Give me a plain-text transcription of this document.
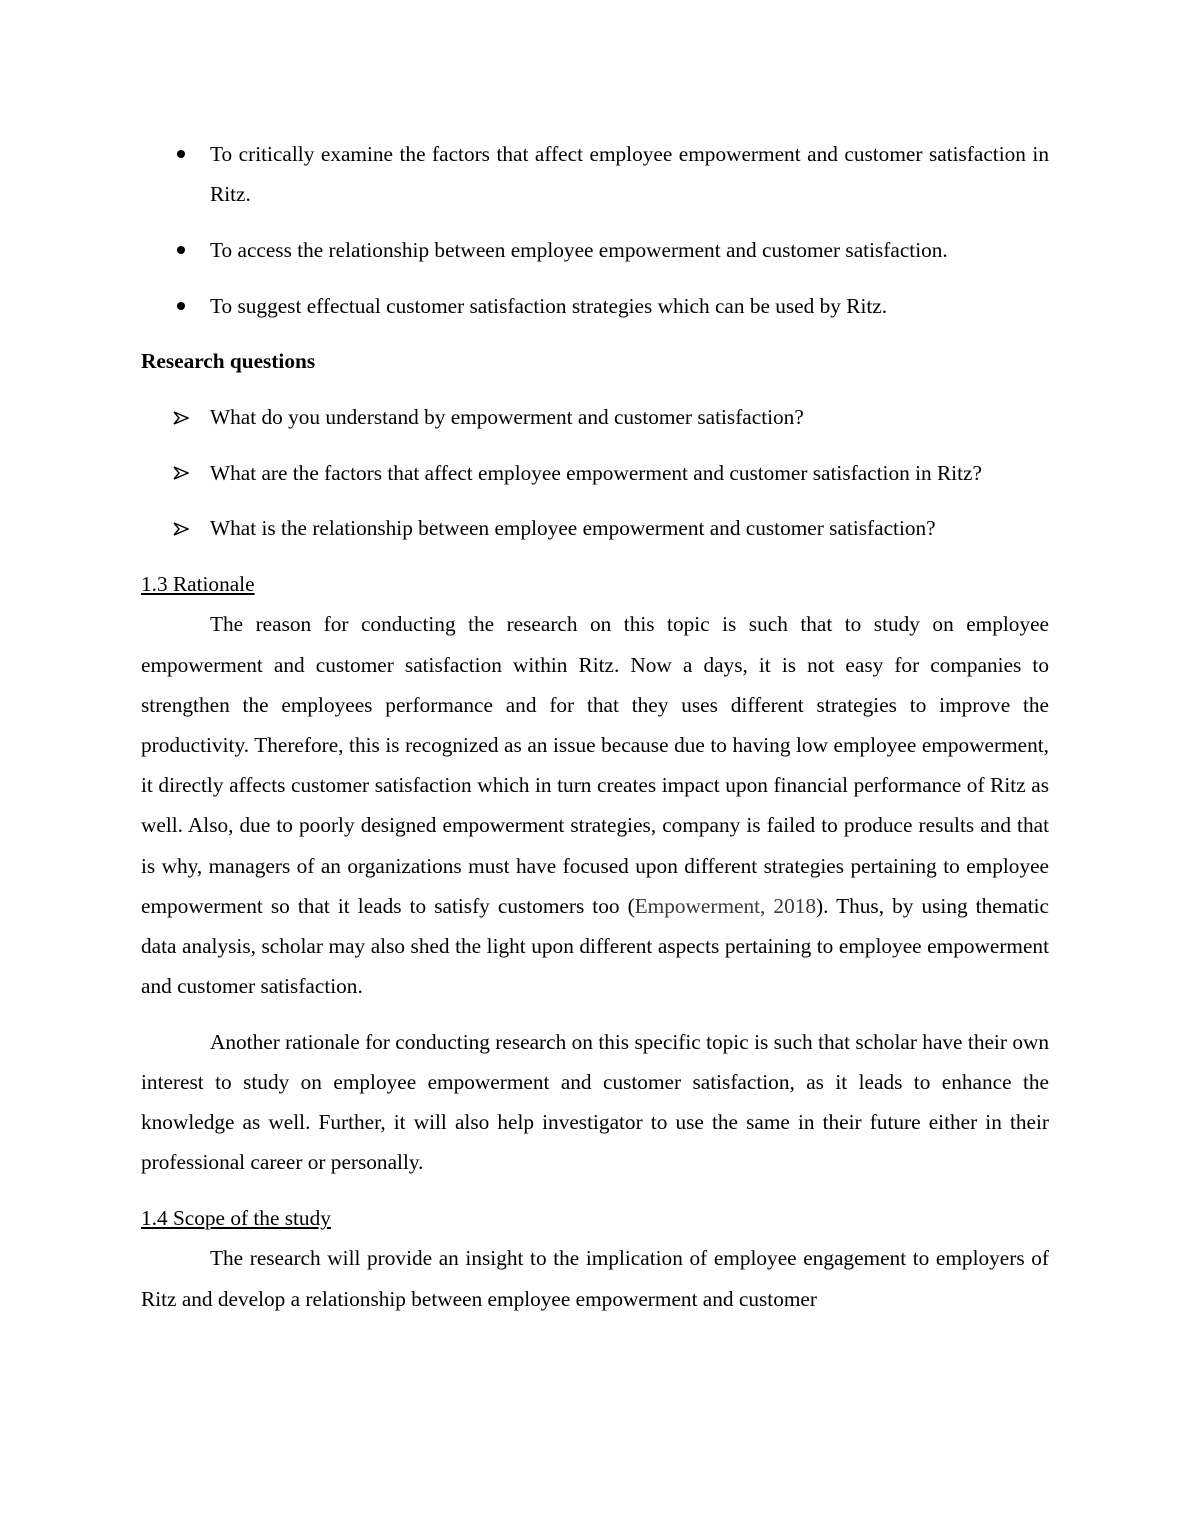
To critically examine the factors that affect employee empowerment and customer satisfaction in Ritz.
To access the relationship between employee empowerment and customer satisfaction.
To suggest effectual customer satisfaction strategies which can be used by Ritz.

Research questions

What do you understand by empowerment and customer satisfaction?
What are the factors that affect employee empowerment and customer satisfaction in Ritz?
What is the relationship between employee empowerment and customer satisfaction?

1.3 Rationale

The reason for conducting the research on this topic is such that to study on employee empowerment and customer satisfaction within Ritz. Now a days, it is not easy for companies to strengthen the employees performance and for that they uses different strategies to improve the productivity. Therefore, this is recognized as an issue because due to having low employee empowerment, it directly affects customer satisfaction which in turn creates impact upon financial performance of Ritz as well. Also, due to poorly designed empowerment strategies, company is failed to produce results and that is why, managers of an organizations must have focused upon different strategies pertaining to employee empowerment so that it leads to satisfy customers too (Empowerment, 2018). Thus, by using thematic data analysis, scholar may also shed the light upon different aspects pertaining to employee empowerment and customer satisfaction.

Another rationale for conducting research on this specific topic is such that scholar have their own interest to study on employee empowerment and customer satisfaction, as it leads to enhance the knowledge as well. Further, it will also help investigator to use the same in their future either in their professional career or personally.

1.4 Scope of the study

The research will provide an insight to the implication of employee engagement to employers of Ritz and develop a relationship between employee empowerment and customer
